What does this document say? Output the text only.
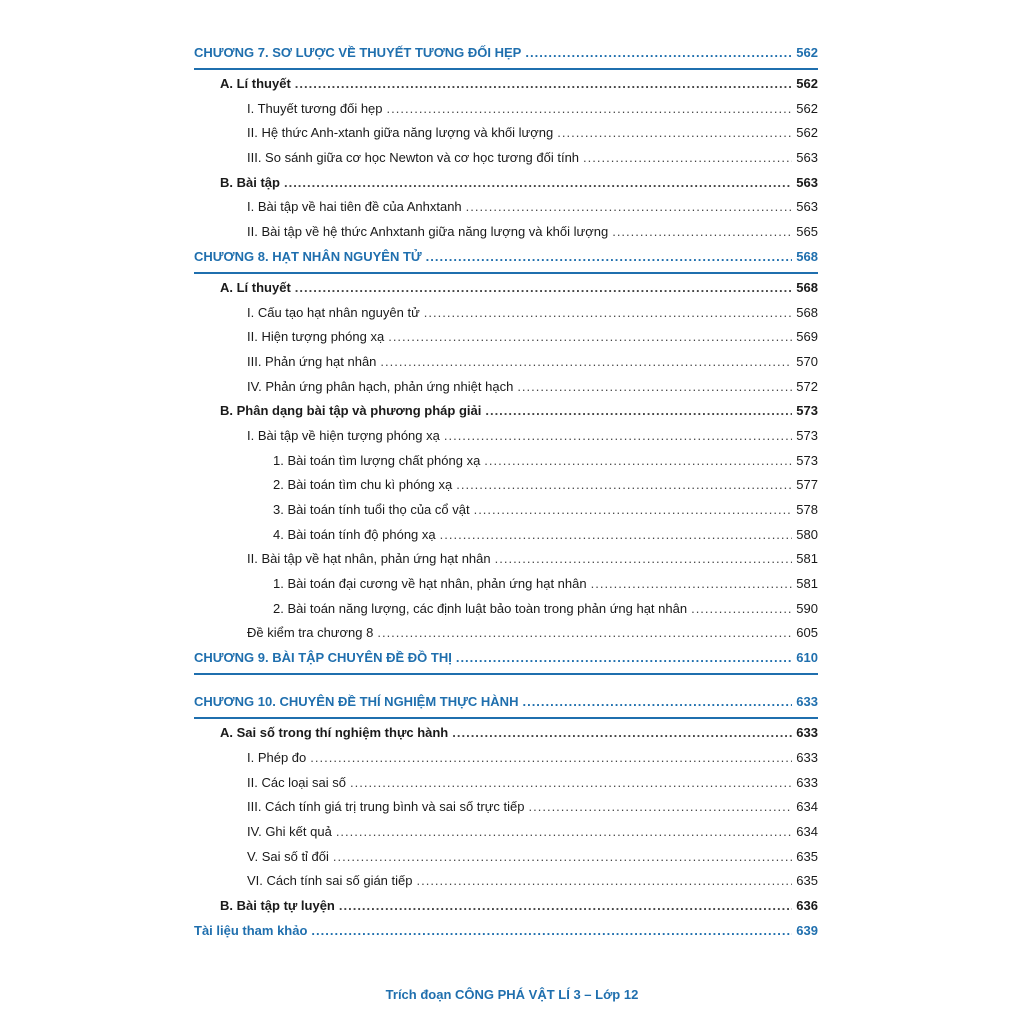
CHƯƠNG 7. SƠ LƯỢC VỀ THUYẾT TƯƠNG ĐỐI HẸP .....	562
A. Lí thuyết .....	562
I. Thuyết tương đối hẹp .....	562
II. Hệ thức Anh-xtanh giữa năng lượng và khối lượng .....	562
III. So sánh giữa cơ học Newton và cơ học tương đối tính .....	563
B. Bài tập .....	563
I. Bài tập về hai tiên đề của Anhxtanh .....	563
II. Bài tập về hệ thức Anhxtanh giữa năng lượng và khối lượng .....	565
CHƯƠNG 8. HẠT NHÂN NGUYÊN TỬ .....	568
A. Lí thuyết .....	568
I. Cấu tạo hạt nhân nguyên tử .....	568
II. Hiện tượng phóng xạ .....	569
III. Phản ứng hạt nhân .....	570
IV. Phản ứng phân hạch, phản ứng nhiệt hạch .....	572
B. Phân dạng bài tập và phương pháp giải .....	573
I. Bài tập về hiện tượng phóng xạ .....	573
1. Bài toán tìm lượng chất phóng xạ .....	573
2. Bài toán tìm chu kì phóng xạ .....	577
3. Bài toán tính tuổi thọ của cổ vật .....	578
4. Bài toán tính độ phóng xạ .....	580
II. Bài tập về hạt nhân, phản ứng hạt nhân .....	581
1. Bài toán đại cương về hạt nhân, phản ứng hạt nhân .....	581
2. Bài toán năng lượng, các định luật bảo toàn trong phản ứng hạt nhân .....	590
Đề kiểm tra chương 8 .....	605
CHƯƠNG 9. BÀI TẬP CHUYÊN ĐỀ ĐỒ THỊ .....	610
CHƯƠNG 10. CHUYÊN ĐỀ THÍ NGHIỆM THỰC HÀNH .....	633
A. Sai số trong thí nghiệm thực hành .....	633
I. Phép đo .....	633
II. Các loại sai số .....	633
III. Cách tính giá trị trung bình và sai số trực tiếp .....	634
IV. Ghi kết quả .....	634
V. Sai số tỉ đối .....	635
VI. Cách tính sai số gián tiếp .....	635
B. Bài tập tự luyện .....	636
Tài liệu tham khảo .....	639
Trích đoạn CÔNG PHÁ VẬT LÍ 3 – Lớp 12
